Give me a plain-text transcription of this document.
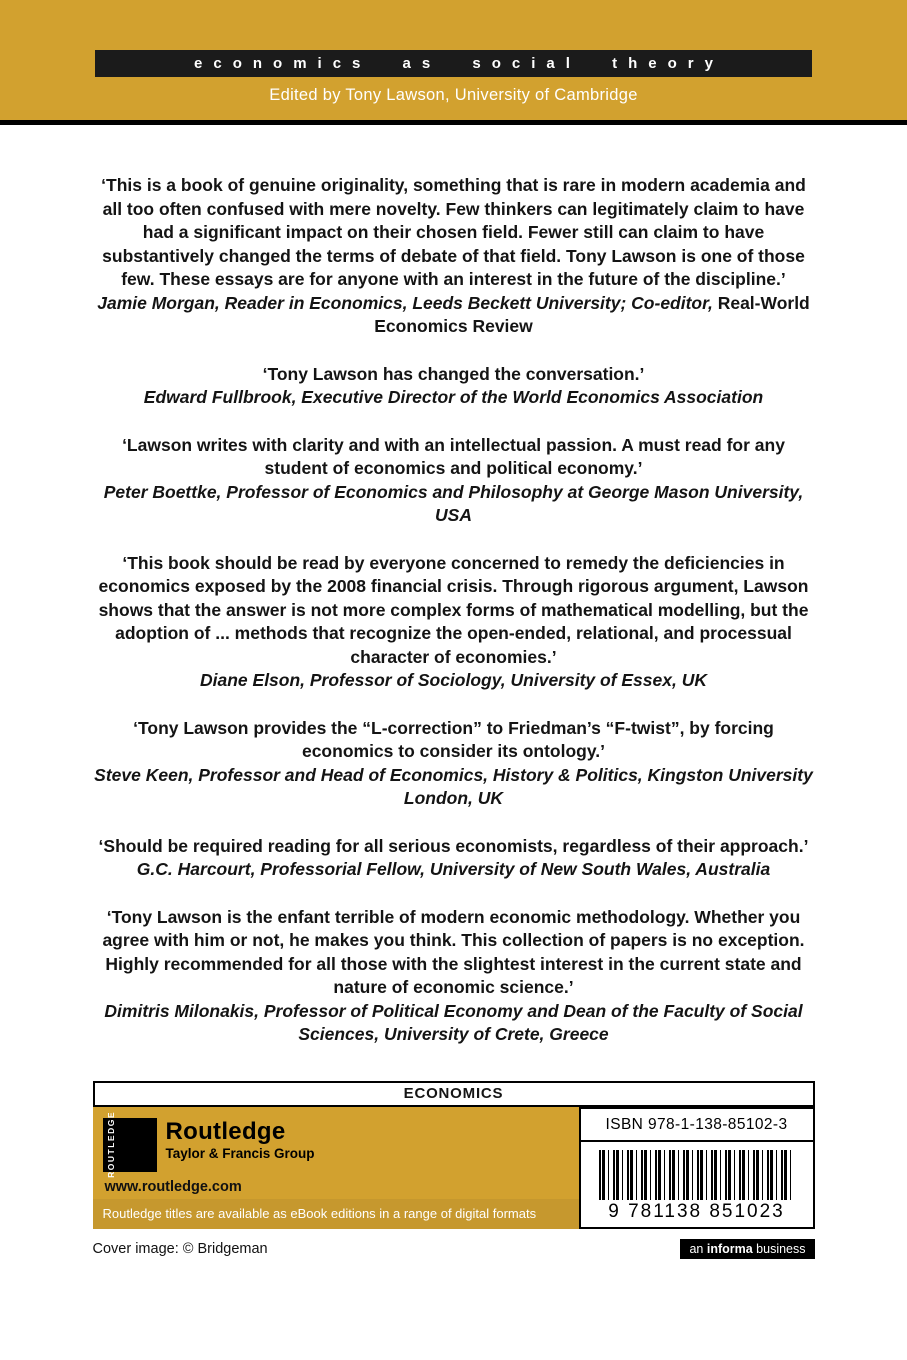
economics as social theory
Edited by Tony Lawson, University of Cambridge

‘This is a book of genuine originality, something that is rare in modern academia and all too often confused with mere novelty. Few thinkers can legitimately claim to have had a significant impact on their chosen field. Fewer still can claim to have substantively changed the terms of debate of that field. Tony Lawson is one of those few. These essays are for anyone with an interest in the future of the discipline.’

Jamie Morgan, Reader in Economics, Leeds Beckett University; Co-editor, Real-World Economics Review

‘Tony Lawson has changed the conversation.’

Edward Fullbrook, Executive Director of the World Economics Association

‘Lawson writes with clarity and with an intellectual passion. A must read for any student of economics and political economy.’

Peter Boettke, Professor of Economics and Philosophy at George Mason University, USA

‘This book should be read by everyone concerned to remedy the deficiencies in economics exposed by the 2008 financial crisis. Through rigorous argument, Lawson shows that the answer is not more complex forms of mathematical modelling, but the adoption of ... methods that recognize the open-ended, relational, and processual character of economies.’

Diane Elson, Professor of Sociology, University of Essex, UK

‘Tony Lawson provides the “L-correction” to Friedman’s “F-twist”, by forcing economics to consider its ontology.’

Steve Keen, Professor and Head of Economics, History & Politics, Kingston University London, UK

‘Should be required reading for all serious economists, regardless of their approach.’

G.C. Harcourt, Professorial Fellow, University of New South Wales, Australia

‘Tony Lawson is the enfant terrible of modern economic methodology. Whether you agree with him or not, he makes you think. This collection of papers is no exception. Highly recommended for all those with the slightest interest in the current state and nature of economic science.’

Dimitris Milonakis, Professor of Political Economy and Dean of the Faculty of Social Sciences, University of Crete, Greece

ECONOMICS
ROUTLEDGE Routledge
Taylor & Francis Group
www.routledge.com
Routledge titles are available as eBook editions in a range of digital formats
ISBN 978-1-138-85102-3
9 781138 851023
Cover image: © Bridgeman	an informa business
